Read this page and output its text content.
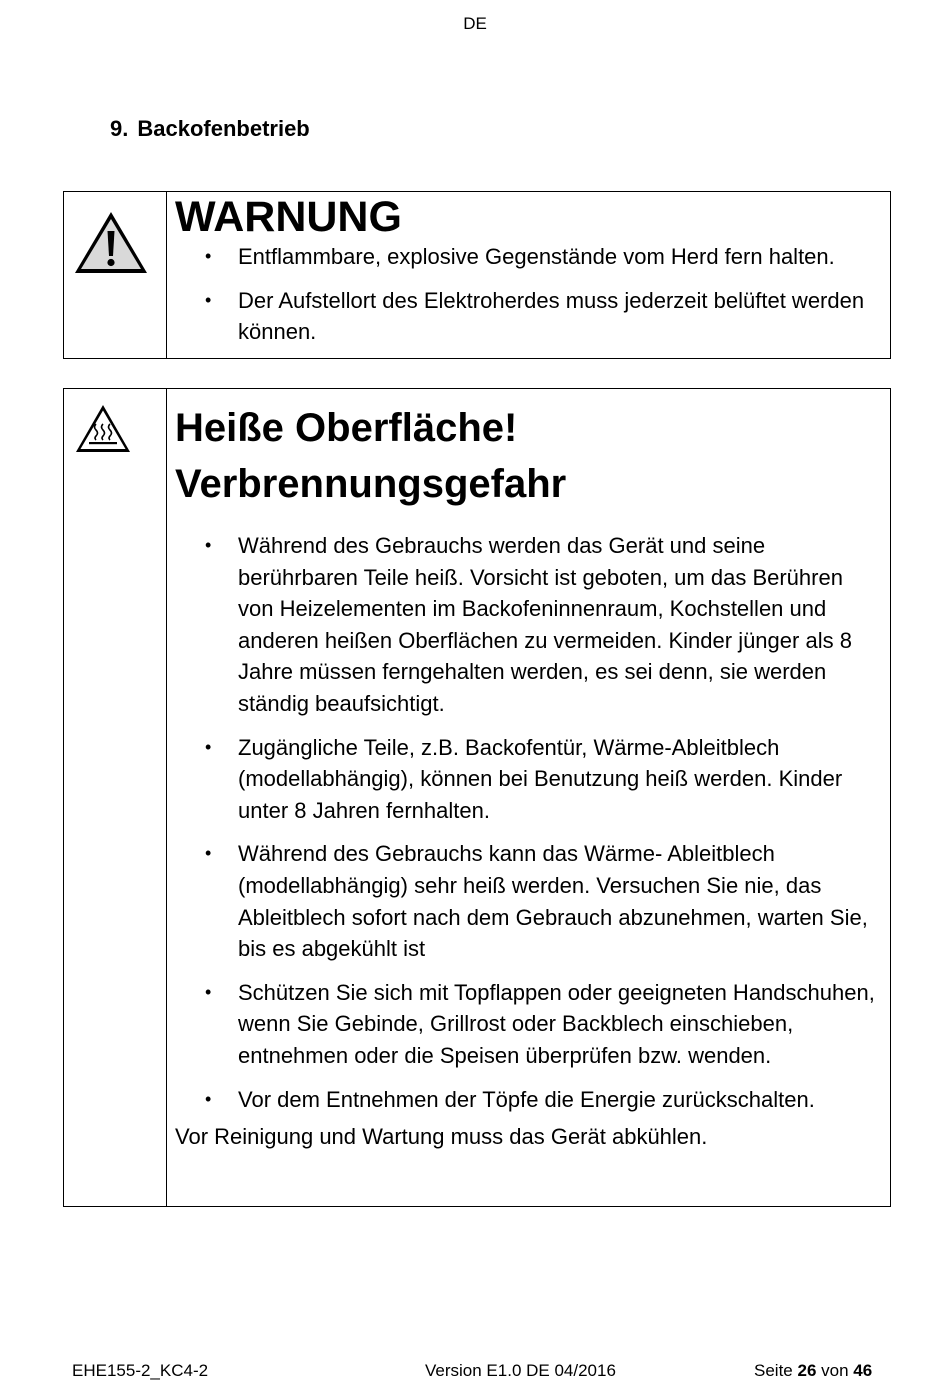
DE
9. Backofenbetrieb
WARNUNG
• Entflammbare, explosive Gegenstände vom Herd fern halten.
• Der Aufstellort des Elektroherdes muss jederzeit belüftet werden können.
Heiße Oberfläche!
Verbrennungsgefahr
• Während des Gebrauchs werden das Gerät und seine berührbaren Teile heiß. Vorsicht ist geboten, um das Berühren von Heizelementen im Backofeninnenraum, Kochstellen und anderen heißen Oberflächen zu vermeiden. Kinder jünger als 8 Jahre müssen ferngehalten werden, es sei denn, sie werden ständig beaufsichtigt.
• Zugängliche Teile, z.B. Backofentür, Wärme-Ableitblech (modellabhängig), können bei Benutzung heiß werden. Kinder unter 8 Jahren fernhalten.
• Während des Gebrauchs kann das Wärme- Ableitblech (modellabhängig) sehr heiß werden. Versuchen Sie nie, das Ableitblech sofort nach dem Gebrauch abzunehmen, warten Sie, bis es abgekühlt ist
• Schützen Sie sich mit Topflappen oder geeigneten Handschuhen, wenn Sie Gebinde, Grillrost oder Backblech einschieben, entnehmen oder die Speisen überprüfen bzw. wenden.
• Vor dem Entnehmen der Töpfe die Energie zurückschalten.
Vor Reinigung und Wartung muss das Gerät abkühlen.
EHE155-2_KC4-2	Version E1.0 DE 04/2016	Seite 26 von 46
